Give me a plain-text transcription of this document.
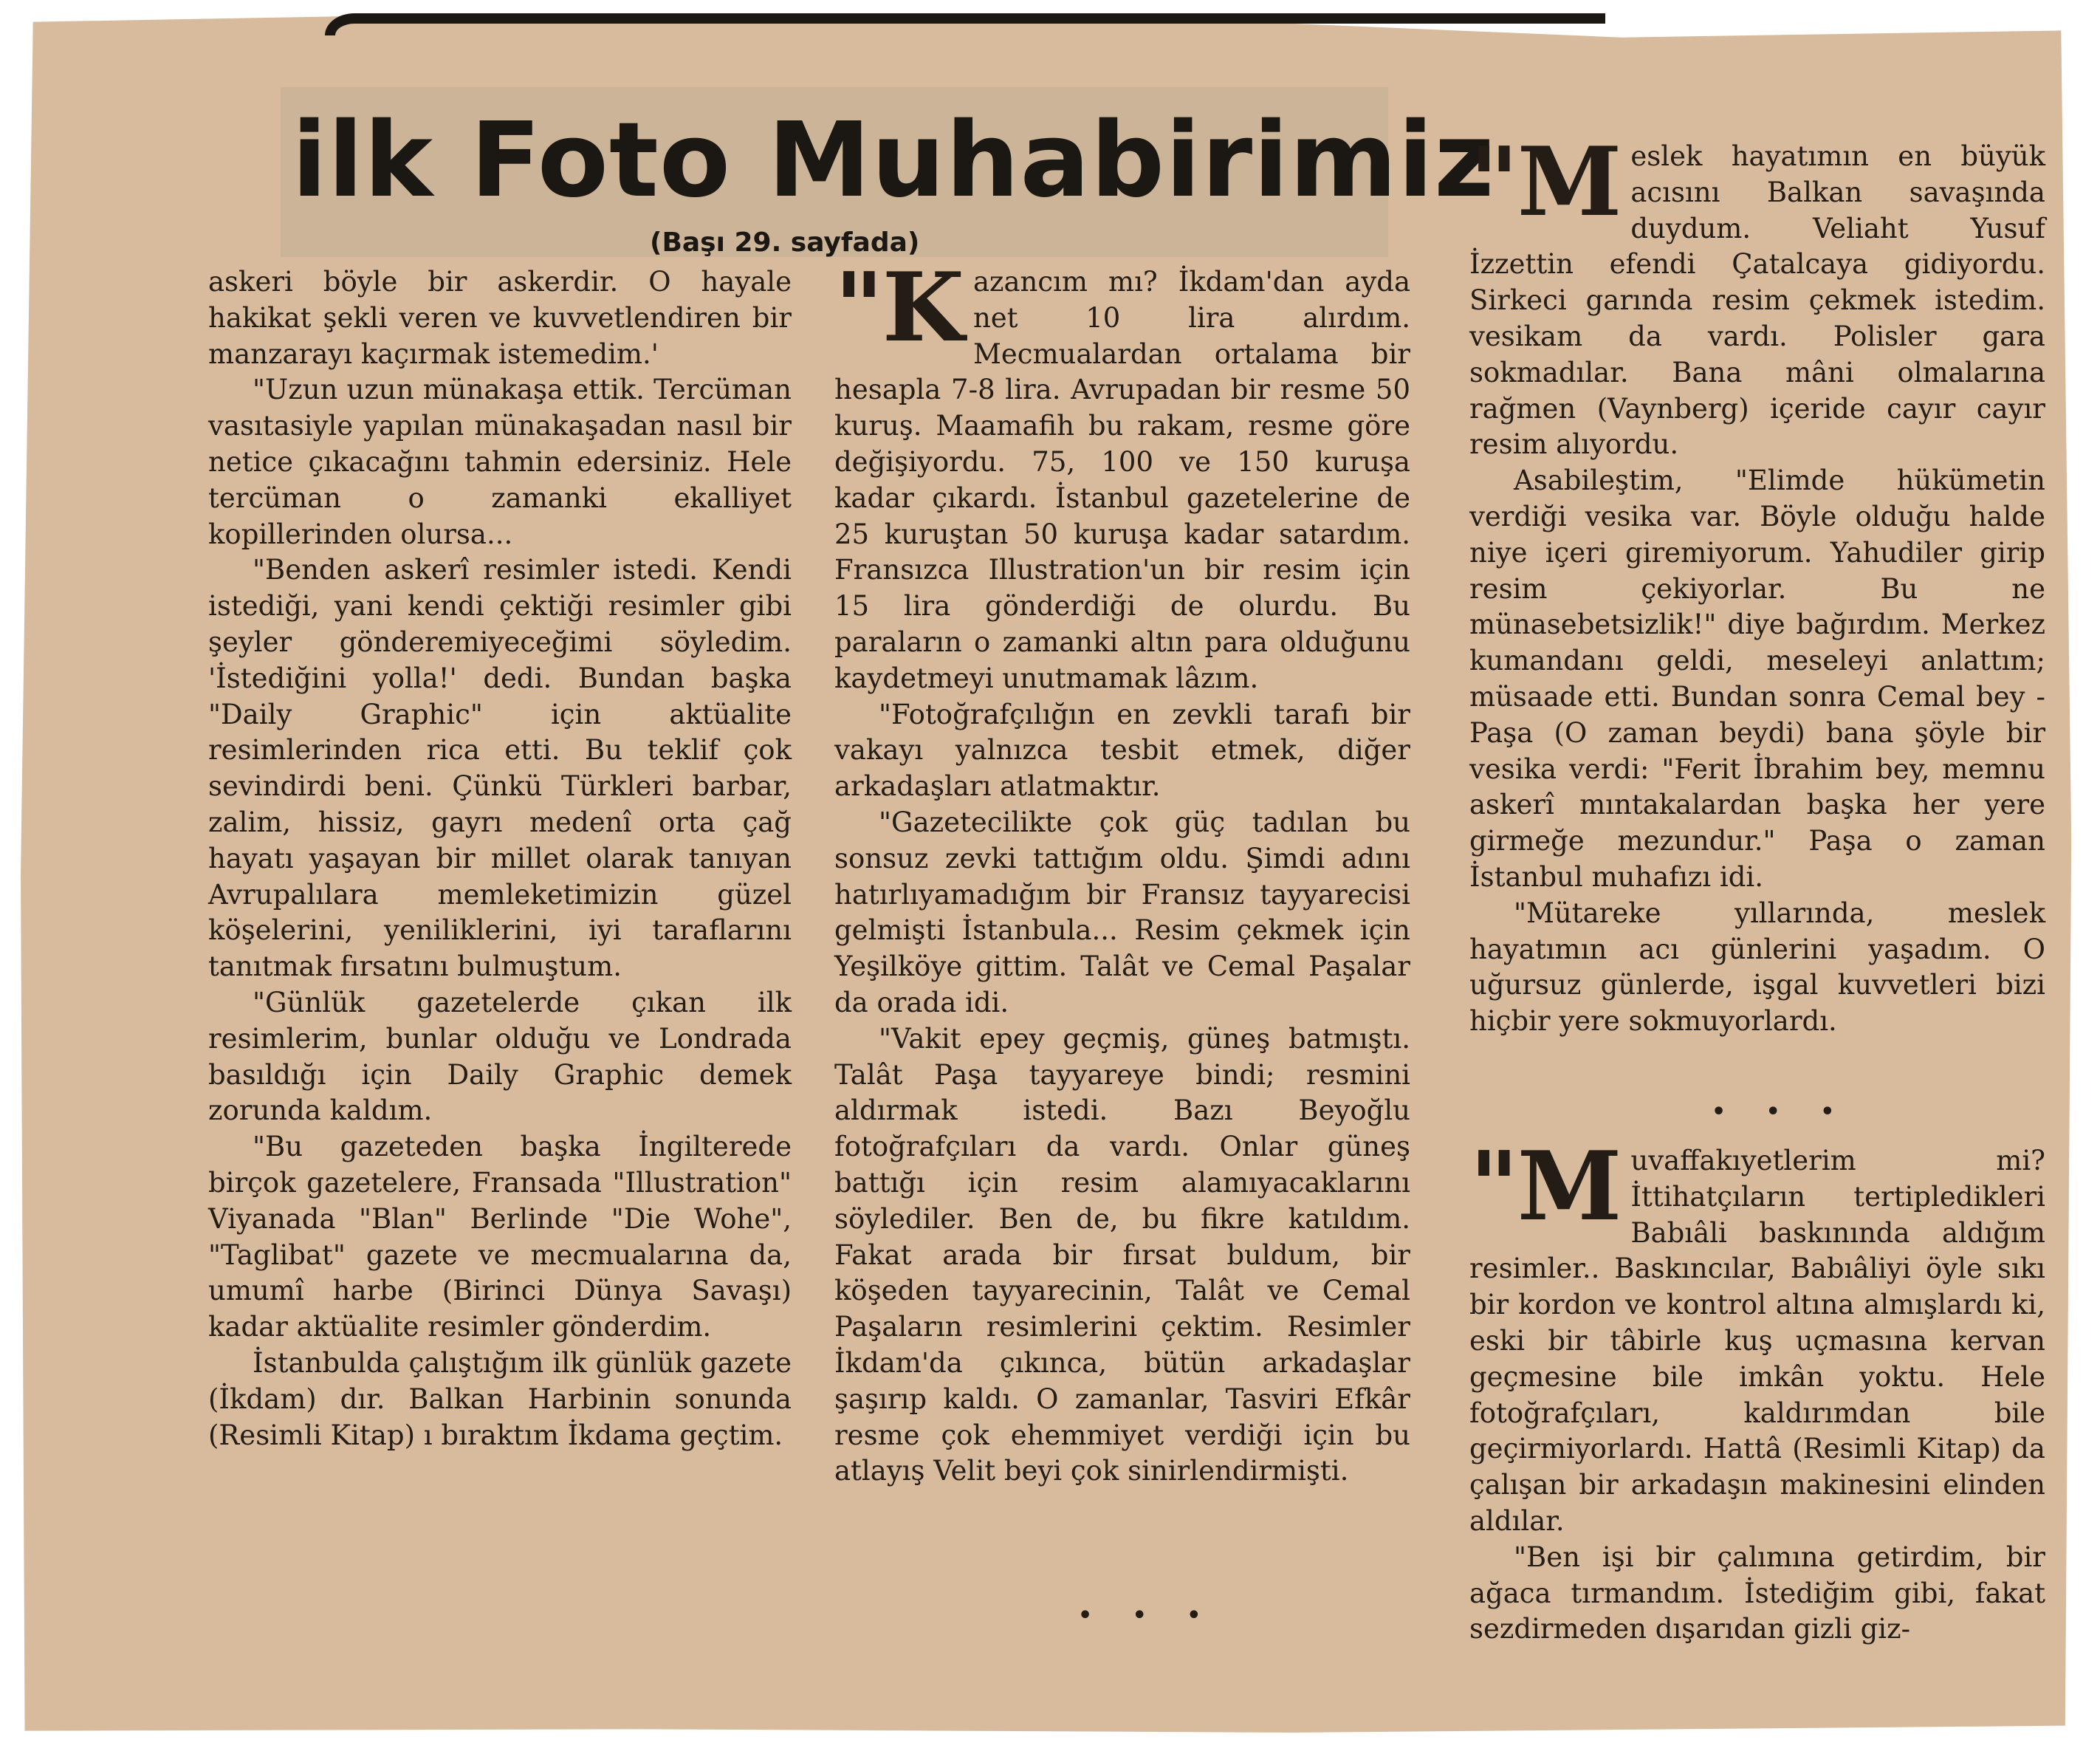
ilk Foto Muhabirimiz
(Başı 29. sayfada)

askeri böyle bir askerdir. O hayale hakikat şekli veren ve kuvvetlendiren bir manzarayı kaçırmak istemedim.'

"Uzun uzun münakaşa ettik. Tercüman vasıtasiyle yapılan münakaşadan nasıl bir netice çıkacağını tahmin edersiniz. Hele tercüman o zamanki ekalliyet kopillerinden olursa...

"Benden askerî resimler istedi. Kendi istediği, yani kendi çektiği resimler gibi şeyler gönderemiyeceğimi söyledim. 'İstediğini yolla!' dedi. Bundan başka "Daily Graphic" için aktüalite resimlerinden rica etti. Bu teklif çok sevindirdi beni. Çünkü Türkleri barbar, zalim, hissiz, gayrı medenî orta çağ hayatı yaşayan bir millet olarak tanıyan Avrupalılara memleketimizin güzel köşelerini, yeniliklerini, iyi taraflarını tanıtmak fırsatını bulmuştum.

"Günlük gazetelerde çıkan ilk resimlerim, bunlar olduğu ve Londrada basıldığı için Daily Graphic demek zorunda kaldım.

"Bu gazeteden başka İngilterede birçok gazetelere, Fransada "Illustration" Viyanada "Blan" Berlinde "Die Wohe", "Taglibat" gazete ve mecmualarına da, umumî harbe (Birinci Dünya Savaşı) kadar aktüalite resimler gönderdim.

İstanbulda çalıştığım ilk günlük gazete (İkdam) dır. Balkan Harbinin sonunda (Resimli Kitap) ı bıraktım İkdama geçtim.

"Kazancım mı? İkdam'dan ayda net 10 lira alırdım. Mecmualardan ortalama bir hesapla 7-8 lira. Avrupadan bir resme 50 kuruş. Maamafih bu rakam, resme göre değişiyordu. 75, 100 ve 150 kuruşa kadar çıkardı. İstanbul gazetelerine de 25 kuruştan 50 kuruşa kadar satardım. Fransızca Illustration'un bir resim için 15 lira gönderdiği de olurdu. Bu paraların o zamanki altın para olduğunu kaydetmeyi unutmamak lâzım.

"Fotoğrafçılığın en zevkli tarafı bir vakayı yalnızca tesbit etmek, diğer arkadaşları atlatmaktır.

"Gazetecilikte çok güç tadılan bu sonsuz zevki tattığım oldu. Şimdi adını hatırlıyamadığım bir Fransız tayyarecisi gelmişti İstanbula... Resim çekmek için Yeşilköye gittim. Talât ve Cemal Paşalar da orada idi.

"Vakit epey geçmiş, güneş batmıştı. Talât Paşa tayyareye bindi; resmini aldırmak istedi. Bazı Beyoğlu fotoğrafçıları da vardı. Onlar güneş battığı için resim alamıyacaklarını söylediler. Ben de, bu fikre katıldım. Fakat arada bir fırsat buldum, bir köşeden tayyarecinin, Talât ve Cemal Paşaların resimlerini çektim. Resimler İkdam'da çıkınca, bütün arkadaşlar şaşırıp kaldı. O zamanlar, Tasviri Efkâr resme çok ehemmiyet verdiği için bu atlayış Velit beyi çok sinirlendirmişti.

"Meslek hayatımın en büyük acısını Balkan savaşında duydum. Veliaht Yusuf İzzettin efendi Çatalcaya gidiyordu. Sirkeci garında resim çekmek istedim. vesikam da vardı. Polisler gara sokmadılar. Bana mâni olmalarına rağmen (Vaynberg) içeride cayır cayır resim alıyordu.

Asabileştim, "Elimde hükümetin verdiği vesika var. Böyle olduğu halde niye içeri giremiyorum. Yahudiler girip resim çekiyorlar. Bu ne münasebetsizlik!" diye bağırdım. Merkez kumandanı geldi, meseleyi anlattım; müsaade etti. Bundan sonra Cemal bey - Paşa (O zaman beydi) bana şöyle bir vesika verdi: "Ferit İbrahim bey, memnu askerî mıntakalardan başka her yere girmeğe mezundur." Paşa o zaman İstanbul muhafızı idi.

"Mütareke yıllarında, meslek hayatımın acı günlerini yaşadım. O uğursuz günlerde, işgal kuvvetleri bizi hiçbir yere sokmuyorlardı.

"Muvaffakıyetlerim mi? İttihatçıların tertipledikleri Babıâli baskınında aldığım resimler.. Baskıncılar, Babıâliyi öyle sıkı bir kordon ve kontrol altına almışlardı ki, eski bir tâbirle kuş uçmasına kervan geçmesine bile imkân yoktu. Hele fotoğrafçıları, kaldırımdan bile geçirmiyorlardı. Hattâ (Resimli Kitap) da çalışan bir arkadaşın makinesini elinden aldılar.

"Ben işi bir çalımına getirdim, bir ağaca tırmandım. İstediğim gibi, fakat sezdirmeden dışarıdan gizli giz-

• • •
• • •
